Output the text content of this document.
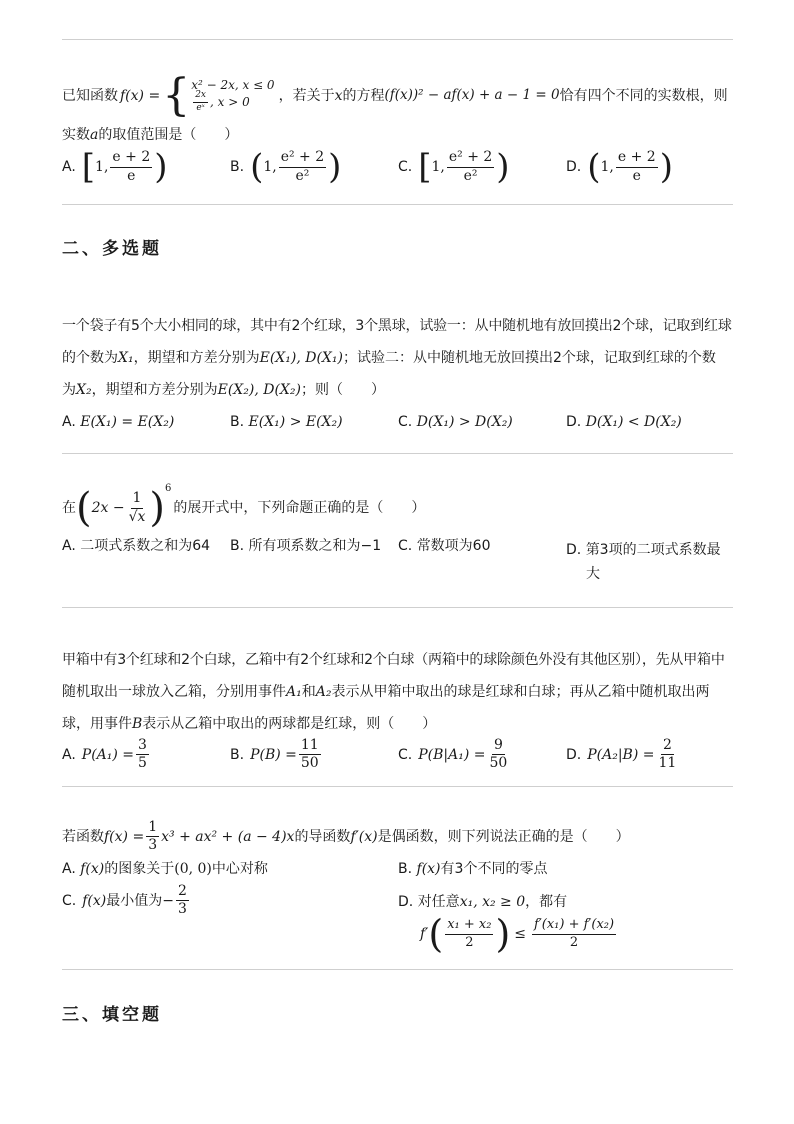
已知函数 f(x) = { x² − 2x, x ≤ 0
$\frac{2x}{\text{eˣ}}$ , x > 0 ，若关于 x 的方程 (f(x))² − af(x) + a − 1 = 0 恰有四个不同的实数根，则
实数a的取值范围是（　　）
A. [ 1, $\frac{e + 2}{e}$ )	B. ( 1, $\frac{\text{e² + 2}}{\text{e²}}$ )	C. [ 1, $\frac{\text{e² + 2}}{\text{e²}}$ )	D. ( 1, $\frac{e + 2}{e}$ )
二、多选题
一个袋子有5个大小相同的球，其中有2个红球，3个黑球，试验一：从中随机地有放回摸出2个球，记取到红球
的个数为X₁，期望和方差分别为E(X₁), D(X₁)；试验二：从中随机地无放回摸出2个球，记取到红球的个数
为X₂，期望和方差分别为E(X₂), D(X₂)；则（　　）
A. E(X₁) = E(X₂)	B. E(X₁) > E(X₂)	C. D(X₁) > D(X₂)	D. D(X₁) < D(X₂)
在 ( $2x - \frac{1}{√x}$ ) 6
的展开式中，下列命题正确的是（　　）
A. 二项式系数之和为64 B. 所有项系数之和为−1 C. 常数项为60	D. 第3项的二项式系数最
大
甲箱中有3个红球和2个白球，乙箱中有2个红球和2个白球（两箱中的球除颜色外没有其他区别），先从甲箱中
随机取出一球放入乙箱，分别用事件A₁和A₂表示从甲箱中取出的球是红球和白球；再从乙箱中随机取出两
球，用事件B表示从乙箱中取出的两球都是红球，则（　　）
A. $P(A_1) = \frac{3}{5}$	B. $P(B) = \frac{11}{50}$	C. $P(B|A_1) = \frac{9}{50}$	D. $P(A_2|B) = \frac{2}{11}$
若函数 $f(x) = \frac{1}{3} x^3 + ax^2 + (a - 4)x$ 的导函数 f′(x) 是偶函数，则下列说法正确的是（　　）
A. f(x)的图象关于(0, 0)中心对称	B. f(x)有3个不同的零点
C. f(x) 最小值为− $\frac{2}{3}$	D. 对任意x₁, x₂ ≥ 0，都有
f′ ( $\frac{\text{x₁ + x₂}}{2}$ ) ≤ $\frac{\text{f′(x₁) + f′(x₂)}}{2}$
三、填空题
